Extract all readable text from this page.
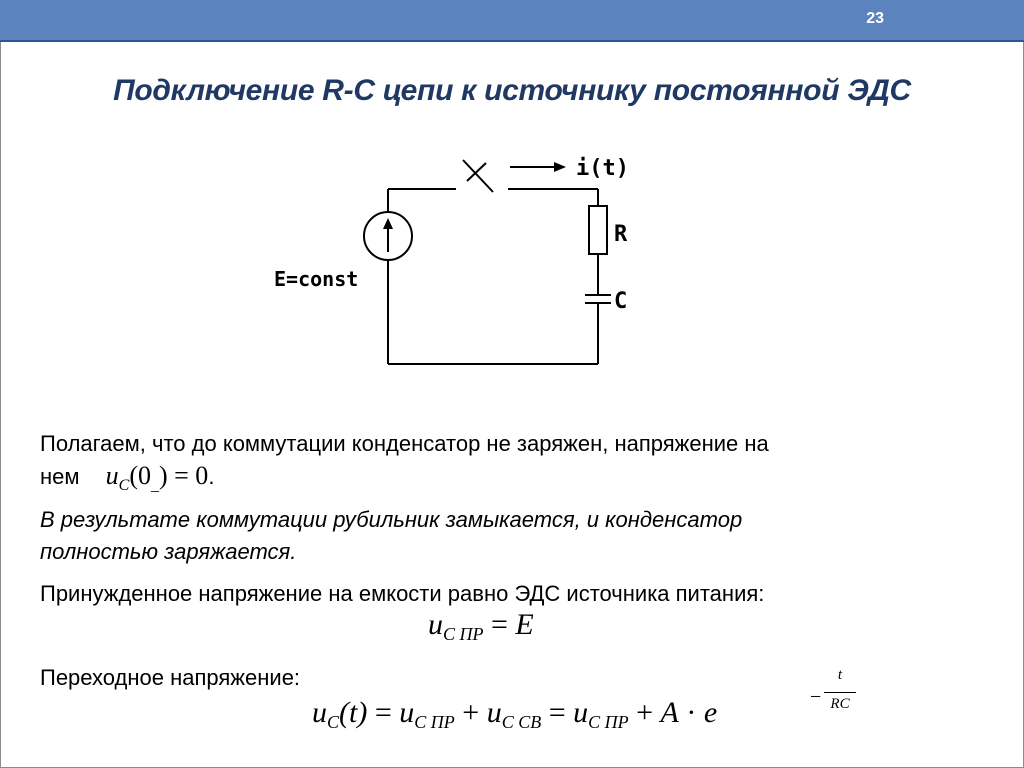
23
Подключение R-C цепи к источнику постоянной ЭДС
i(t)
R
C
E=const
Полагаем, что до коммутации конденсатор не заряжен, напряжение на
нем $u_C(0_{\_}) = 0$.
В результате коммутации рубильник замыкается, и конденсатор
полностью заряжается.
Принужденное напряжение на емкости равно ЭДС источника питания:
$u_{C ПР} = E$
Переходное напряжение:
$u_C(t) = u_{C ПР} + u_{C СВ} = u_{C ПР} + A \cdot e$	−
t
RC
